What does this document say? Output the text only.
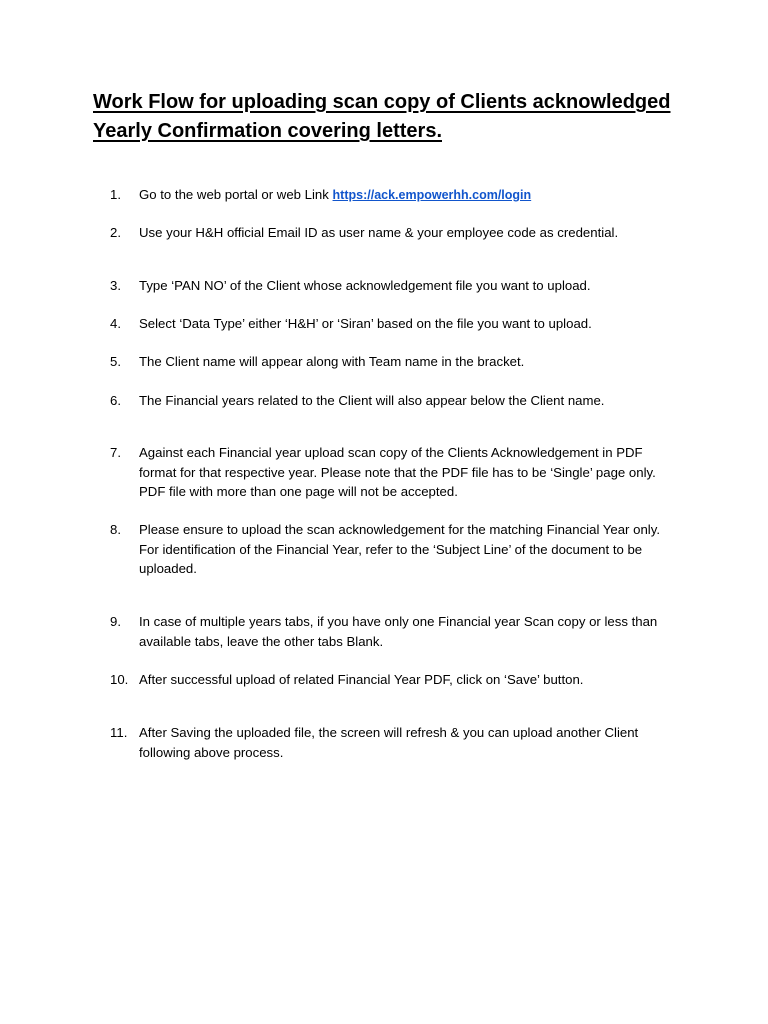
Work Flow for uploading scan copy of Clients acknowledged
Yearly Confirmation covering letters.
1.	Go to the web portal or web Link https://ack.empowerhh.com/login
2.	Use your H&H official Email ID as user name & your employee code as credential.
3.	Type ‘PAN NO’ of the Client whose acknowledgement file you want to upload.
4.	Select ‘Data Type’ either ‘H&H’ or ‘Siran’ based on the file you want to upload.
5.	The Client name will appear along with Team name in the bracket.
6.	The Financial years related to the Client will also appear below the Client name.
7.	Against each Financial year upload scan copy of the Clients Acknowledgement in PDF format for that respective year. Please note that the PDF file has to be ‘Single’ page only. PDF file with more than one page will not be accepted.
8.	Please ensure to upload the scan acknowledgement for the matching Financial Year only. For identification of the Financial Year, refer to the ‘Subject Line’ of the document to be uploaded.
9.	In case of multiple years tabs, if you have only one Financial year Scan copy or less than available tabs, leave the other tabs Blank.
10. After successful upload of related Financial Year PDF, click on ‘Save’ button.
11. After Saving the uploaded file, the screen will refresh & you can upload another Client following above process.
